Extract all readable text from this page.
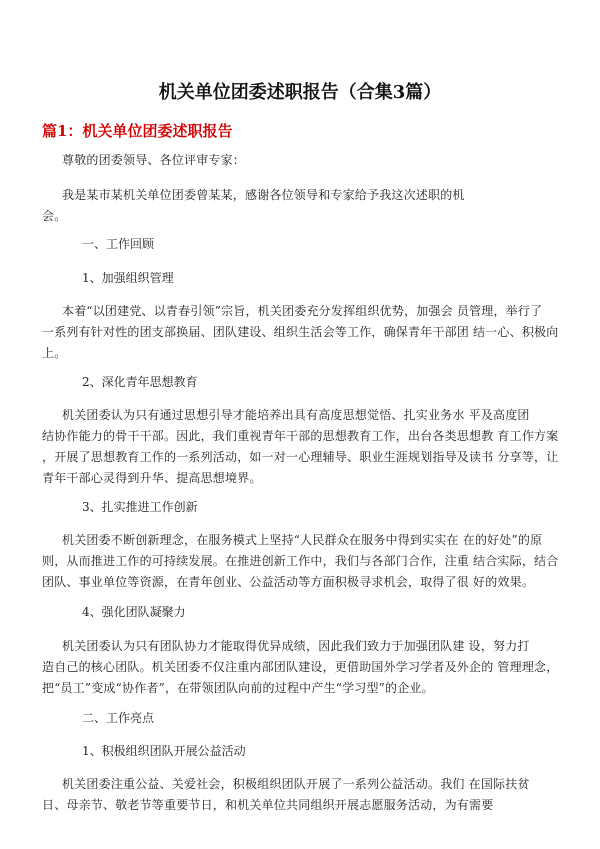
机关单位团委述职报告（合集3篇）
篇1：机关单位团委述职报告

尊敬的团委领导、各位评审专家：

我是某市某机关单位团委曾某某，感谢各位领导和专家给予我这次述职的机
会。

一、工作回顾

1、加强组织管理

本着“以团建党、以青春引领”宗旨，机关团委充分发挥组织优势，加强会 员管理，举行了
一系列有针对性的团支部换届、团队建设、组织生活会等工作，确保青年干部团 结一心、积极向
上。

2、深化青年思想教育

机关团委认为只有通过思想引导才能培养出具有高度思想觉悟、扎实业务水 平及高度团
结协作能力的骨干干部。因此，我们重视青年干部的思想教育工作，出台各类思想教 育工作方案
，开展了思想教育工作的一系列活动，如一对一心理辅导、职业生涯规划指导及读书 分享等，让
青年干部心灵得到升华、提高思想境界。

3、扎实推进工作创新

机关团委不断创新理念，在服务模式上坚持“人民群众在服务中得到实实在 在的好处”的原
则，从而推进工作的可持续发展。在推进创新工作中，我们与各部门合作，注重 结合实际，结合
团队、事业单位等资源，在青年创业、公益活动等方面积极寻求机会，取得了很 好的效果。

4、强化团队凝聚力

机关团委认为只有团队协力才能取得优异成绩，因此我们致力于加强团队建 设，努力打
造自己的核心团队。机关团委不仅注重内部团队建设，更借助国外学习学者及外企的 管理理念，
把“员工”变成“协作者”，在带领团队向前的过程中产生“学习型”的企业。

二、工作亮点

1、积极组织团队开展公益活动

机关团委注重公益、关爱社会，积极组织团队开展了一系列公益活动。我们 在国际扶贫
日、母亲节、敬老节等重要节日，和机关单位共同组织开展志愿服务活动，为有需要
